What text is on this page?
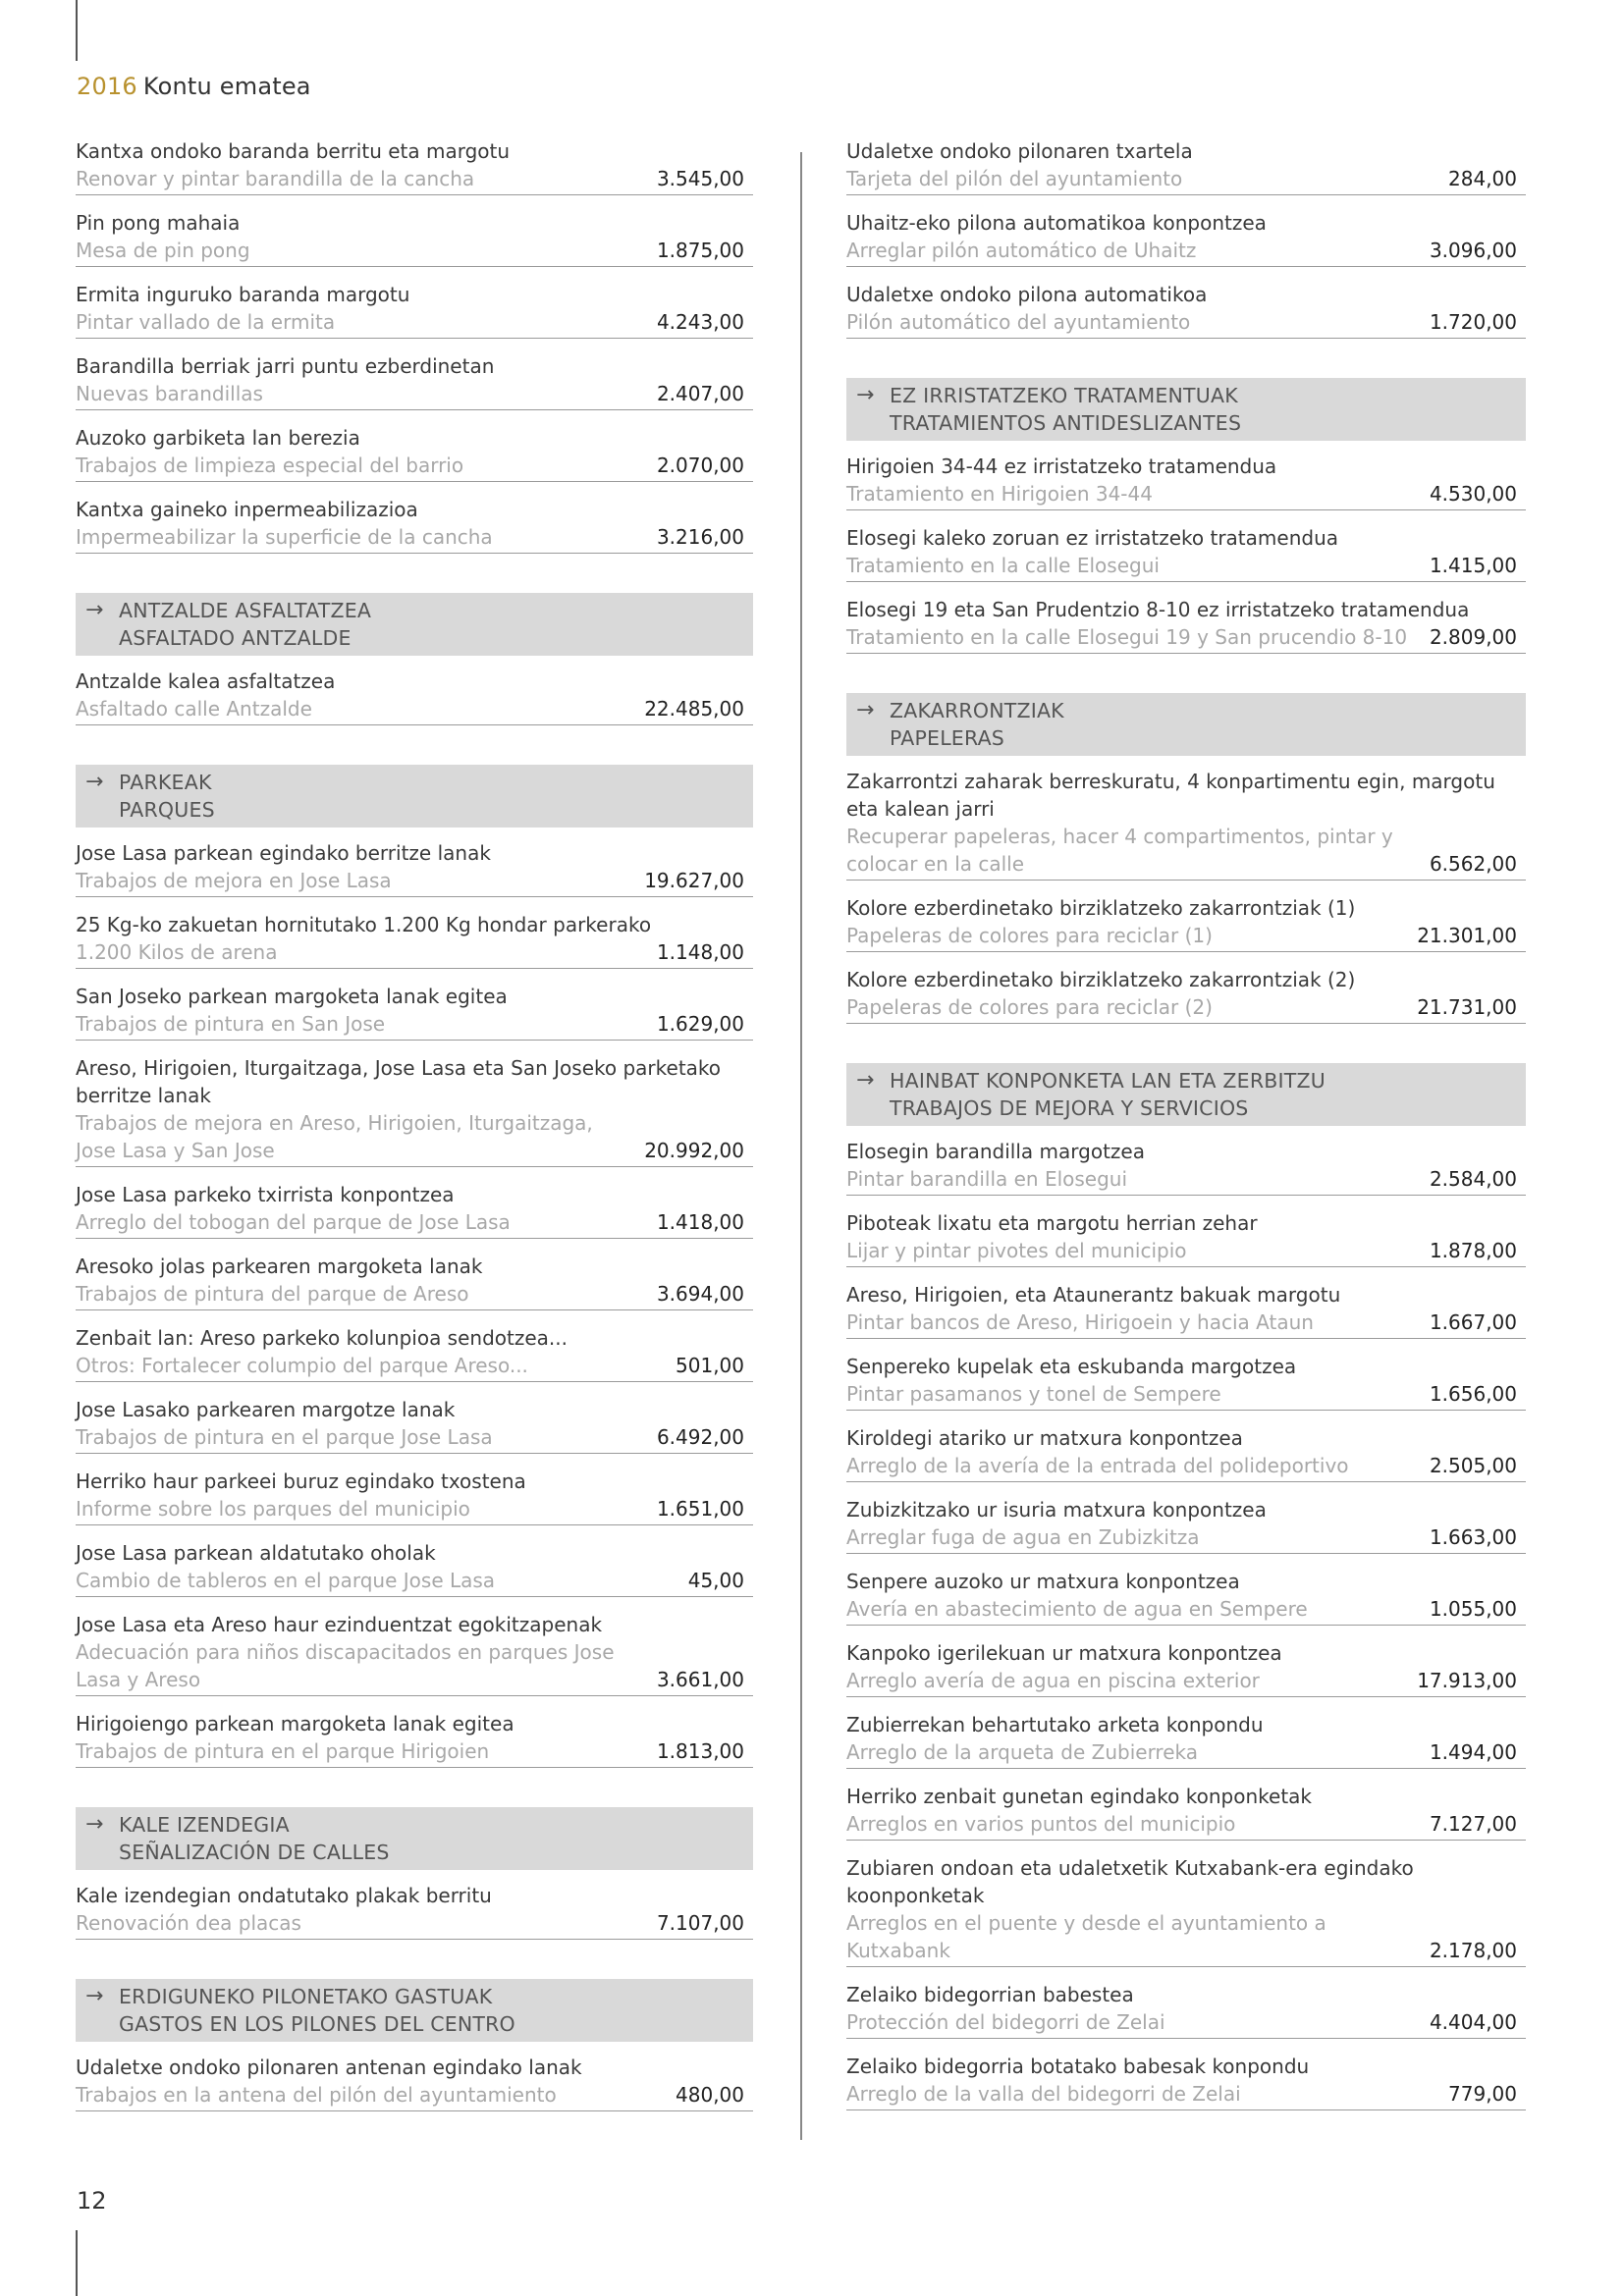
2016 Kontu ematea
Kantxa ondoko baranda berritu eta margotu
Renovar y pintar barandilla de la cancha	3.545,00
Pin pong mahaia
Mesa de pin pong	1.875,00
Ermita inguruko baranda margotu
Pintar vallado de la ermita	4.243,00
Barandilla berriak jarri puntu ezberdinetan
Nuevas barandillas	2.407,00
Auzoko garbiketa lan berezia
Trabajos de limpieza especial del barrio	2.070,00
Kantxa gaineko inpermeabilizazioa
Impermeabilizar la superficie de la cancha	3.216,00
→ ANTZALDE ASFALTATZEA
ASFALTADO ANTZALDE
Antzalde kalea asfaltatzea
Asfaltado calle Antzalde	22.485,00
→ PARKEAK
PARQUES
Jose Lasa parkean egindako berritze lanak
Trabajos de mejora en Jose Lasa	19.627,00
25 Kg-ko zakuetan hornitutako 1.200 Kg hondar parkerako
1.200 Kilos de arena	1.148,00
San Joseko parkean margoketa lanak egitea
Trabajos de pintura en San Jose	1.629,00
Areso, Hirigoien, Iturgaitzaga, Jose Lasa eta San Joseko parketako berritze lanak
Trabajos de mejora en Areso, Hirigoien, Iturgaitzaga, Jose Lasa y San Jose	20.992,00
Jose Lasa parkeko txirrista konpontzea
Arreglo del tobogan del parque de Jose Lasa	1.418,00
Aresoko jolas parkearen margoketa lanak
Trabajos de pintura del parque de Areso	3.694,00
Zenbait lan: Areso parkeko kolunpioa sendotzea...
Otros: Fortalecer columpio del parque Areso...	501,00
Jose Lasako parkearen margotze lanak
Trabajos de pintura en el parque Jose Lasa	6.492,00
Herriko haur parkeei buruz egindako txostena
Informe sobre los parques del municipio	1.651,00
Jose Lasa parkean aldatutako oholak
Cambio de tableros en el parque Jose Lasa	45,00
Jose Lasa eta Areso haur ezinduentzat egokitzapenak
Adecuación para niños discapacitados en parques Jose Lasa y Areso	3.661,00
Hirigoiengo parkean margoketa lanak egitea
Trabajos de pintura en el parque Hirigoien	1.813,00
→ KALE IZENDEGIA
SEÑALIZACIÓN DE CALLES
Kale izendegian ondatutako plakak berritu
Renovación dea placas	7.107,00
→ ERDIGUNEKO PILONETAKO GASTUAK
GASTOS EN LOS PILONES DEL CENTRO
Udaletxe ondoko pilonaren antenan egindako lanak
Trabajos en la antena del pilón del ayuntamiento	480,00
Udaletxe ondoko pilonaren txartela
Tarjeta del pilón del ayuntamiento	284,00
Uhaitz-eko pilona automatikoa konpontzea
Arreglar pilón automático de Uhaitz	3.096,00
Udaletxe ondoko pilona automatikoa
Pilón automático del ayuntamiento	1.720,00
→ EZ IRRISTATZEKO TRATAMENTUAK
TRATAMIENTOS ANTIDESLIZANTES
Hirigoien 34-44 ez irristatzeko tratamendua
Tratamiento en Hirigoien 34-44	4.530,00
Elosegi kaleko zoruan ez irristatzeko tratamendua
Tratamiento en la calle Elosegui	1.415,00
Elosegi 19 eta San Prudentzio 8-10 ez irristatzeko tratamendua
Tratamiento en la calle Elosegui 19 y San prucendio 8-10	2.809,00
→ ZAKARRONTZIAK
PAPELERAS
Zakarrontzi zaharak berreskuratu, 4 konpartimentu egin, margotu eta kalean jarri
Recuperar papeleras, hacer 4 compartimentos, pintar y colocar en la calle	6.562,00
Kolore ezberdinetako birziklatzeko zakarrontziak (1)
Papeleras de colores para reciclar (1)	21.301,00
Kolore ezberdinetako birziklatzeko zakarrontziak (2)
Papeleras de colores para reciclar (2)	21.731,00
→ HAINBAT KONPONKETA LAN ETA ZERBITZU
TRABAJOS DE MEJORA Y SERVICIOS
Elosegin barandilla margotzea
Pintar barandilla en Elosegui	2.584,00
Piboteak lixatu eta margotu herrian zehar
Lijar y pintar pivotes del municipio	1.878,00
Areso, Hirigoien, eta Ataunerantz bakuak margotu
Pintar bancos de Areso, Hirigoein y hacia Ataun	1.667,00
Senpereko kupelak eta eskubanda margotzea
Pintar pasamanos y tonel de Sempere	1.656,00
Kiroldegi atariko ur matxura konpontzea
Arreglo de la avería de la entrada del polideportivo	2.505,00
Zubizkitzako ur isuria matxura konpontzea
Arreglar fuga de agua en Zubizkitza	1.663,00
Senpere auzoko ur matxura konpontzea
Avería en abastecimiento de agua en Sempere	1.055,00
Kanpoko igerilekuan ur matxura konpontzea
Arreglo avería de agua en piscina exterior	17.913,00
Zubierrekan behartutako arketa konpondu
Arreglo de la arqueta de Zubierreka	1.494,00
Herriko zenbait gunetan egindako konponketak
Arreglos en varios puntos del municipio	7.127,00
Zubiaren ondoan eta udaletxetik Kutxabank-era egindako koonponketak
Arreglos en el puente y desde el ayuntamiento a Kutxabank	2.178,00
Zelaiko bidegorrian babestea
Protección del bidegorri de Zelai	4.404,00
Zelaiko bidegorria botatako babesak konpondu
Arreglo de la valla del bidegorri de Zelai	779,00
12
